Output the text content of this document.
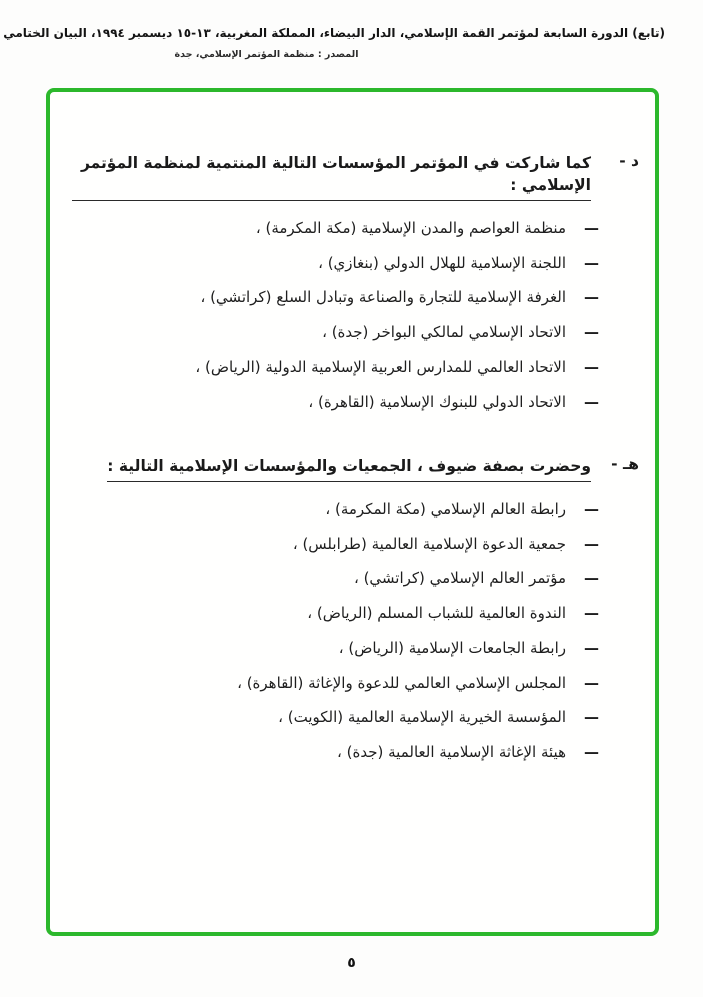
(تابع) الدورة السابعة لمؤتمر القمة الإسلامي، الدار البيضاء، المملكة المغربية، ١٣-١٥ ديسمبر ١٩٩٤، البيان الختامي
المصدر : منظمة المؤتمر الإسلامي، جدة
د -
كما شاركت في المؤتمر المؤسسات التالية المنتمية لمنظمة المؤتمر الإسلامي :
—
منظمة العواصم والمدن الإسلامية (مكة المكرمة) ،
—
اللجنة الإسلامية للهلال الدولي (بنغازي) ،
—
الغرفة الإسلامية للتجارة والصناعة وتبادل السلع (كراتشي) ،
—
الاتحاد الإسلامي لمالكي البواخر (جدة) ،
—
الاتحاد العالمي للمدارس العربية الإسلامية الدولية (الرياض) ،
—
الاتحاد الدولي للبنوك الإسلامية (القاهرة) ،
هـ -
وحضرت بصفة ضيوف ، الجمعيات والمؤسسات الإسلامية التالية :
—
رابطة العالم الإسلامي (مكة المكرمة) ،
—
جمعية الدعوة الإسلامية العالمية (طرابلس) ،
—
مؤتمر العالم الإسلامي (كراتشي) ،
—
الندوة العالمية للشباب المسلم (الرياض) ،
—
رابطة الجامعات الإسلامية (الرياض) ،
—
المجلس الإسلامي العالمي للدعوة والإغاثة (القاهرة) ،
—
المؤسسة الخيرية الإسلامية العالمية (الكويت) ،
—
هيئة الإغاثة الإسلامية العالمية (جدة) ،
٥
